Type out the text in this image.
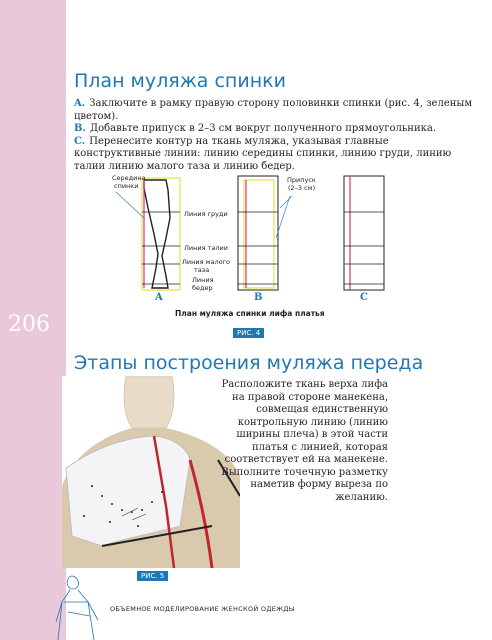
206
План муляжа спинки

A. Заключите в рамку правую сторону половинки спинки (рис. 4, зеленым цветом).

B. Добавьте припуск в 2–3 см вокруг полученного прямоугольника.

C. Перенесите контур на ткань муляжа, указывая главные конструктивные линии: линию середины спинки, линию груди, линию талии линию малого таза и линию бедер.

Середина
спинки
Линия груди
Линия талии
Линия малого
таза
Линия
бедер
A
Припуск
(2–3 см)
B	C
План муляжа спинки лифа платья
РИС. 4
Этапы построения муляжа переда

Расположите ткань верха лифа на правой стороне манекена, совмещая единственную контрольную линию (линию ширины плеча) в этой части платья с линией, которая соответствует ей на манекене.

Выполните точечную разметку наметив форму выреза по желанию.

РИС. 5
ОБЪЕМНОЕ МОДЕЛИРОВАНИЕ ЖЕНСКОЙ ОДЕЖДЫ
